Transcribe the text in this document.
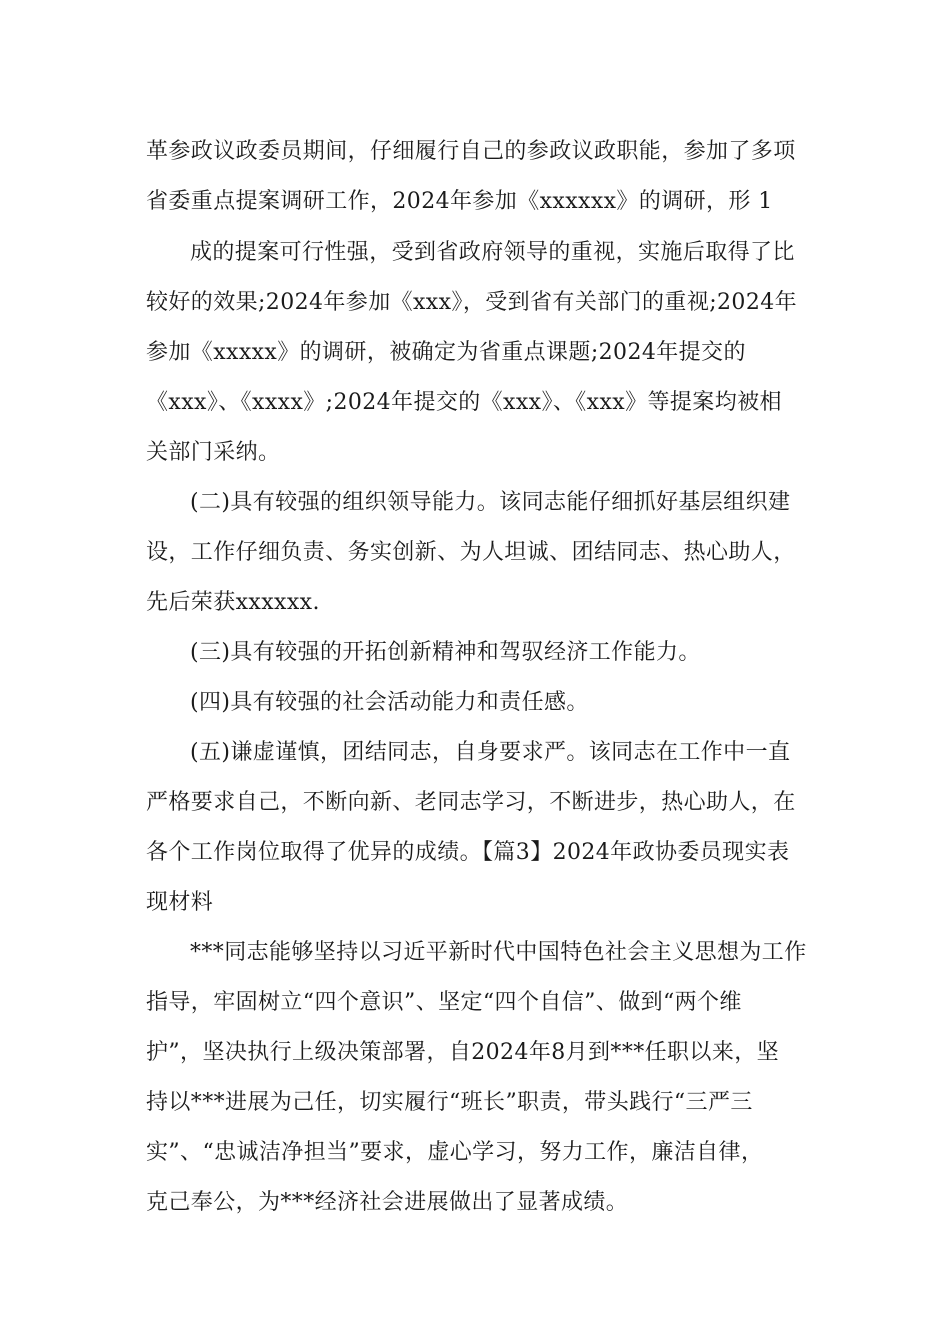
革参政议政委员期间，仔细履行自己的参政议政职能，参加了多项
省委重点提案调研工作，2024年参加《xxxxxx》的调研，形 1
成的提案可行性强，受到省政府领导的重视，实施后取得了比
较好的效果;2024年参加《xxx》，受到省有关部门的重视;2024年
参加《xxxxx》的调研，被确定为省重点课题;2024年提交的
《xxx》、《xxxx》;2024年提交的《xxx》、《xxx》等提案均被相
关部门采纳。
(二)具有较强的组织领导能力。该同志能仔细抓好基层组织建
设，工作仔细负责、务实创新、为人坦诚、团结同志、热心助人，
先后荣获xxxxxx.
(三)具有较强的开拓创新精神和驾驭经济工作能力。
(四)具有较强的社会活动能力和责任感。
(五)谦虚谨慎，团结同志，自身要求严。该同志在工作中一直
严格要求自己，不断向新、老同志学习，不断进步，热心助人，在
各个工作岗位取得了优异的成绩。【篇3】2024年政协委员现实表
现材料
***同志能够坚持以习近平新时代中国特色社会主义思想为工作
指导，牢固树立“四个意识”、坚定“四个自信”、做到“两个维
护”，坚决执行上级决策部署，自2024年8月到***任职以来，坚
持以***进展为己任，切实履行“班长”职责，带头践行“三严三
实”、“忠诚洁净担当”要求，虚心学习，努力工作，廉洁自律，
克己奉公，为***经济社会进展做出了显著成绩。
